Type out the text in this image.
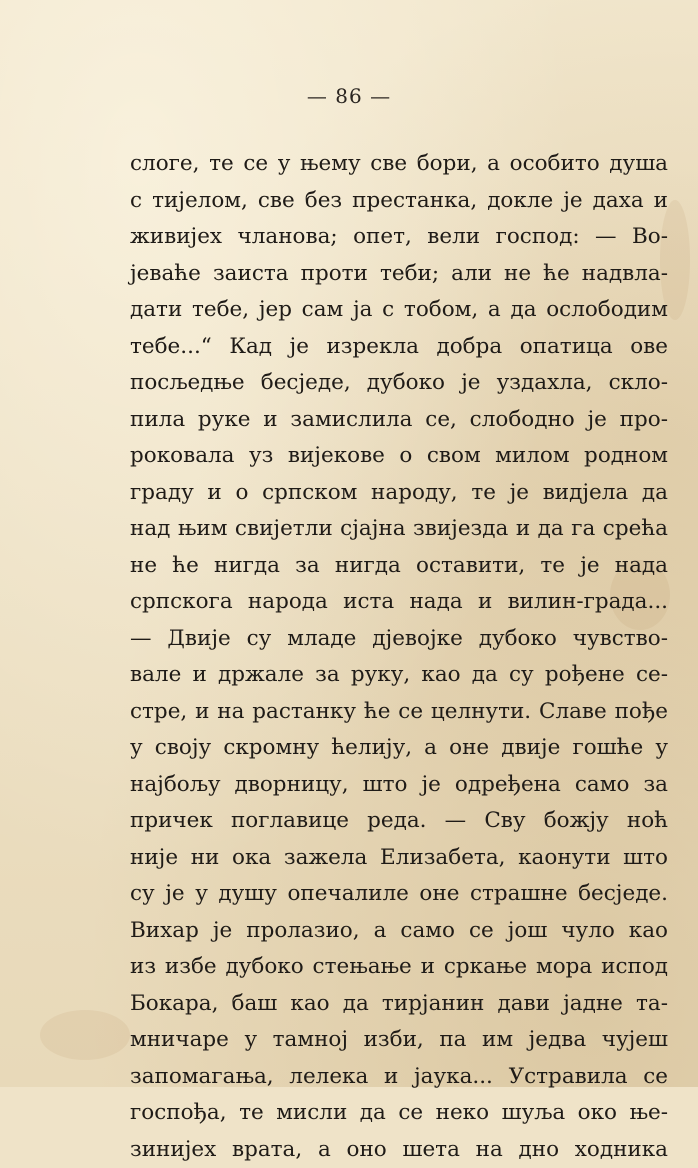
— 86 —
слоге, те се у њему све бори, а особито душа
с тијелом, све без престанка, докле је даха и
живијех чланова; опет, вели господ: — Во-
јеваће заиста проти теби; али не ће надвла-
дати тебе, јер сам ја с тобом, а да ослободим
тебе...“ Кад је изрекла добра опатица ове
посљедње бесједе, дубоко је уздахла, скло-
пила руке и замислила се, слободно је про-
роковала уз вијекове о свом милом родном
граду и о српском народу, те је видјела да
над њим свијетли сјајна звијезда и да га срећа
не ће нигда за нигда оставити, те је нада
српскога народа иста нада и вилин-града...
— Двије су младе дјевојке дубоко чувство-
вале и држале за руку, као да су рођене се-
стре, и на растанку ће се целнути. Славе пође
у своју скромну ћелију, а оне двије гошће у
најбољу дворницу, што је одређена само за
причек поглавице реда. — Сву божју ноћ
није ни ока зажела Елизабета, каонути што
су је у душу опечалиле оне страшне бесједе.
Вихар је пролазио, а само се још чуло као
из избе дубоко стењање и сркање мора испод
Бокара, баш као да тирјанин дави јадне та-
мничаре у тамној изби, па им једва чујеш
запомагања, лелека и јаука... Устравила се
госпођа, те мисли да се неко шуља око ње-
зинијех врата, а оно шета на дно ходника
